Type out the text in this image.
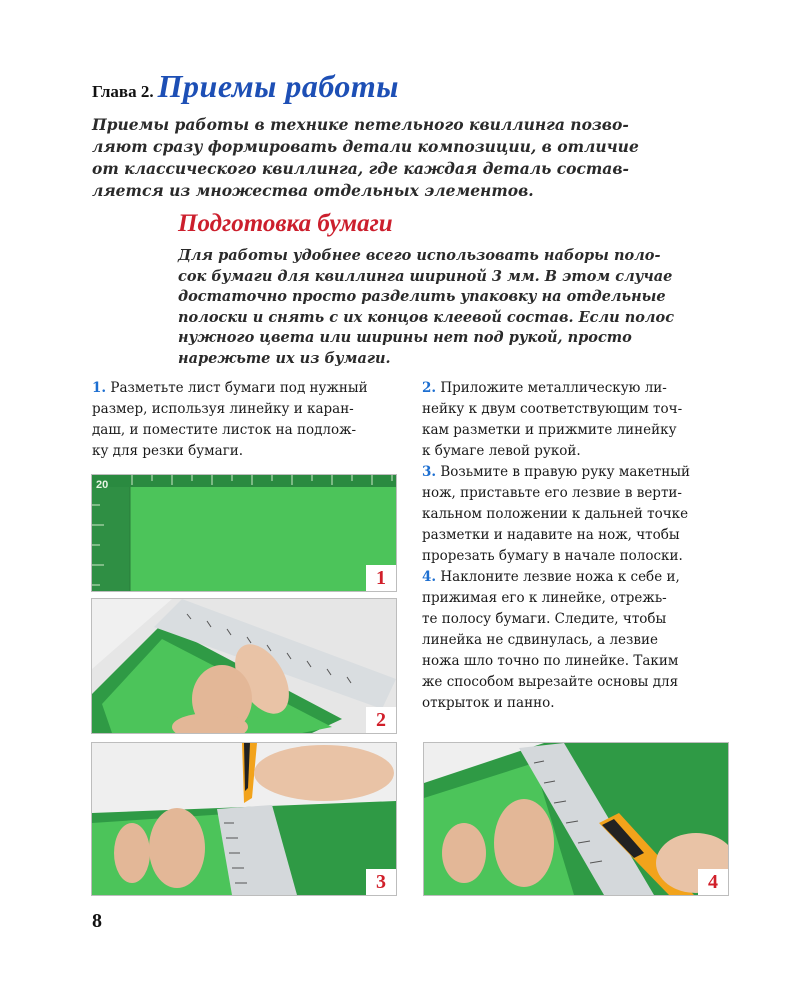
Глава 2. Приемы работы

Приемы работы в технике петельного квиллинга позво-

ляют сразу формировать детали композиции, в отличие

от классического квиллинга, где каждая деталь состав-

ляется из множества отдельных элементов.

Подготовка бумаги

Для работы удобнее всего использовать наборы поло-

сок бумаги для квиллинга шириной 3 мм. В этом случае

достаточно просто разделить упаковку на отдельные

полоски и снять с их концов клеевой состав. Если полос

нужного цвета или ширины нет под рукой, просто

нарежьте их из бумаги.

1. Разметьте лист бумаги под нужный

размер, используя линейку и каран-

даш, и поместите листок на подлож-

ку для резки бумаги.

2. Приложите металлическую ли-

нейку к двум соответствующим точ-

кам разметки и прижмите линейку

к бумаге левой рукой.

3. Возьмите в правую руку макетный

нож, приставьте его лезвие в верти-

кальном положении к дальней точке

разметки и надавите на нож, чтобы

прорезать бумагу в начале полоски.

4. Наклоните лезвие ножа к себе и,

прижимая его к линейке, отрежь-

те полосу бумаги. Следите, чтобы

линейка не сдвинулась, а лезвие

ножа шло точно по линейке. Таким

же способом вырезайте основы для

открыток и панно.

20
1
2
3	4
8
